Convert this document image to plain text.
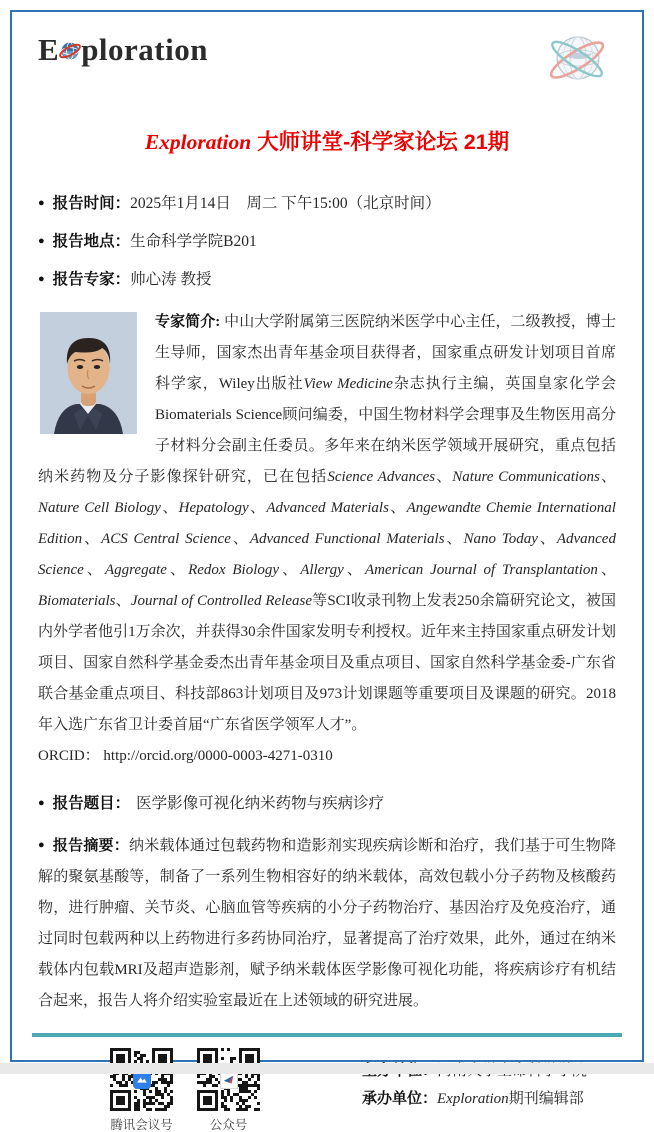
E ploration
Exploration 大师讲堂-科学家论坛 21期
● 报告时间：2025年1月14日　周二 下午15:00（北京时间）
● 报告地点：生命科学学院B201
● 报告专家：帅心涛 教授
专家简介: 中山大学附属第三医院纳米医学中心主任，二级教授，博士生导师，国家杰出青年基金项目获得者，国家重点研发计划项目首席科学家，Wiley出版社View Medicine杂志执行主编，英国皇家化学会Biomaterials Science顾问编委，中国生物材料学会理事及生物医用高分子材料分会副主任委员。多年来在纳米医学领域开展研究，重点包括纳米药物及分子影像探针研究，已在包括Science Advances、Nature Communications、Nature Cell Biology、Hepatology、Advanced Materials、Angewandte Chemie International Edition、ACS Central Science、Advanced Functional Materials、Nano Today、Advanced Science、Aggregate、Redox Biology、Allergy、American Journal of Transplantation、Biomaterials、Journal of Controlled Release等SCI收录刊物上发表250余篇研究论文，被国内外学者他引1万余次，并获得30余件国家发明专利授权。近年来主持国家重点研发计划项目、国家自然科学基金委杰出青年基金项目及重点项目、国家自然科学基金委-广东省联合基金重点项目、科技部863计划项目及973计划课题等重要项目及课题的研究。2018年入选广东省卫计委首届“广东省医学领军人才”。

ORCID： http://orcid.org/0000-0003-4271-0310

● 报告题目： 医学影像可视化纳米药物与疾病诊疗
● 报告摘要：纳米载体通过包载药物和造影剂实现疾病诊断和治疗，我们基于可生物降解的聚氨基酸等，制备了一系列生物相容好的纳米载体，高效包载小分子药物及核酸药物，进行肿瘤、关节炎、心脑血管等疾病的小分子药物治疗、基因治疗及免疫治疗，通过同时包载两种以上药物进行多药协同治疗，显著提高了治疗效果，此外，通过在纳米载体内包载MRI及超声造影剂，赋予纳米载体医学影像可视化功能，将疾病诊疗有机结合起来，报告人将介绍实验室最近在上述领域的研究进展。
腾讯会议号	公众号
承办单位：Exploration期刊编辑部
